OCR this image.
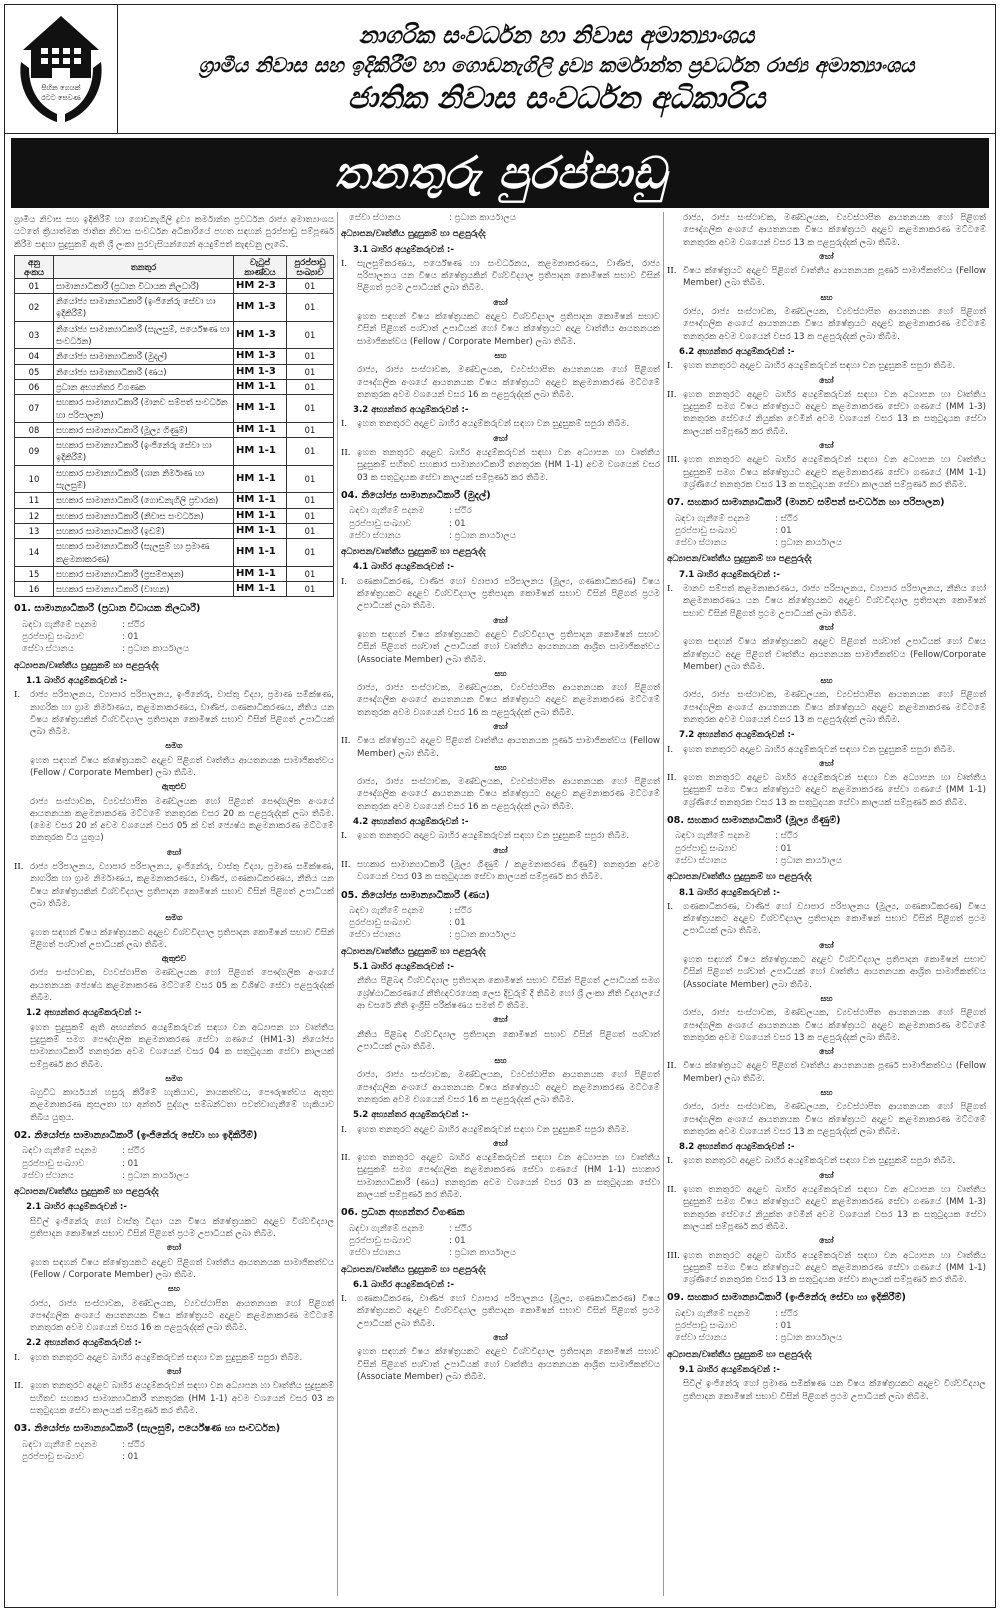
සිහින ගෙයක්
රටට සෙවණ
නාගරික සංවර්ධන හා නිවාස අමාත්‍යාංශය
ග්‍රාමීය නිවාස සහ ඉදිකිරීම් හා ගොඩනැගිලි ද්‍රව්‍ය කර්මාන්ත ප්‍රවර්ධන රාජ්‍ය අමාත්‍යාංශය
ජාතික නිවාස සංවර්ධන අධිකාරිය
තනතුරු පුරප්පාඩු
ග්‍රාමීය නිවාස සහ ඉදිකිරීම් හා ගොඩනැගිලි ද්‍රව්‍ය කර්මාන්ත ප්‍රවර්ධන රාජ්‍ය අමාත්‍යාංශය යටතේ ක්‍රියාත්මක ජාතික නිවාස සංවර්ධන අධිකාරියේ පහත සඳහන් පුරප්පාඩු සම්පූර්ණ කිරීම සඳහා සුදුසුකම් ඇති ශ්‍රී ලංකා පුරවැසියන්ගෙන් අයදුම්පත් කැඳවනු ලැබේ.
අනු අංකය	තනතුර	වැටුප් කාණ්ඩය	පුරප්පාඩු සංඛ්‍යාව
01	සාමාන්‍යාධිකාරී (ප්‍රධාන විධායක නිලධාරී)	HM 2-3	01
02	නියෝජ්‍ය සාමාන්‍යාධිකාරී (ඉංජිනේරු සේවා හා ඉදිකිරීම්)	HM 1-3	01
03	නියෝජ්‍ය සාමාන්‍යාධිකාරී (සැලසුම්, පර්යේෂණ හා සංවර්ධන)	HM 1-3	01
04	නියෝජ්‍ය සාමාන්‍යාධිකාරී (මුදල්)	HM 1-3	01
05	නියෝජ්‍ය සාමාන්‍යාධිකාරී (ණය)	HM 1-3	01
06	ප්‍රධාන අභ්‍යන්තර විගණක	HM 1-1	01
07	සහකාර සාමාන්‍යාධිකාරී (මානව සම්පත් සංවර්ධන හා පරිපාලන)	HM 1-1	01
08	සහකාර සාමාන්‍යාධිකාරී (මූල්‍ය ගිණුම්)	HM 1-1	01
09	සහකාර සාමාන්‍යාධිකාරී (ඉංජිනේරු සේවා හා ඉදිකිරීම්)	HM 1-1	01
10	සහකාර සාමාන්‍යාධිකාරී (ශාන නිර්මාණ හා සැලසුම්)	HM 1-1	01
11	සහකාර සාමාන්‍යාධිකාරී (ගොඩනැගිලි ප්‍රචාරක)	HM 1-1	01
12	සහකාර සාමාන්‍යාධිකාරී (නිවාස සංවර්ධන)	HM 1-1	01
13	සහකාර සාමාන්‍යාධිකාරී (ඉඩම්)	HM 1-1	01
14	සහකාර සාමාන්‍යාධිකාරී (සැලසුම් හා ප්‍රමාණ කළමනාකරණ)	HM 1-1	01
15	සහකාර සාමාන්‍යාධිකාරී (ප්‍රසම්පාදන)	HM 1-1	01
16	සහකාර සාමාන්‍යාධිකාරී (වාහන)	HM 1-1	01
01. සාමාන්‍යාධිකාරී (ප්‍රධාන විධායක නිලධාරී)
බඳවා ගැනීමේ පදනම	: ස්ථිර
පුරප්පාඩු සංඛ්‍යාව	: 01
සේවා ස්ථානය	: ප්‍රධාන කාර්යාලය
අධ්‍යාපන/වෘත්තීය සුදුසුකම් හා පළපුරුද්ද
1.1 බාහිර අයදුම්කරුවන් :-
I.	රාජ්‍ය පරිපාලනය, ව්‍යාපාර පරිපාලනය, ඉංජිනේරු, වාස්තු විද්‍යා, ප්‍රමාණ සමීක්ෂණ, නාගරික හා ග්‍රාම නිර්මාණය, කළමනාකරණය, වාණිජ, ගණකාධිකරණය, නීතිය යන විෂය ක්ෂේත්‍රයකින් විශ්වවිද්‍යාල ප්‍රතිපාදන කොමිෂන් සභාව විසින් පිළිගත් උපාධියක් ලබා තිබීම.
සමග
ඉහත සඳහන් විෂය ක්ෂේත්‍රයකට අදාළව පිළිගත් වෘත්තීය ආයතනයක සාමාජිකත්වය (Fellow / Corporate Member) ලබා තිබීම.
ඇතුළුව
රාජ්‍ය සංස්ථාවක, ව්‍යවස්ථාපිත මණ්ඩලයක හෝ පිළිගත් පෞද්ගලික අංශයේ ආයතනයක කළමනාකරණ මට්ටමේ තනතුරක වසර 20 ක පළපුරුද්දක් ලබා තිබීම. (මෙම වසර 20 න් අවම වශයෙන් වසර 05 ක් වත් ජ්‍යෙෂ්ඨ කළමනාකරණ මට්ටමේ තනතුරක විය යුතුය)
හෝ
II. රාජ්‍ය පරිපාලනය, ව්‍යාපාර පරිපාලනය, ඉංජිනේරු, වාස්තු විද්‍යා, ප්‍රමාණ සමීක්ෂණ, නාගරික හා ග්‍රාම නිර්මාණය, කළමනාකරණය, වාණිජ, ගණකාධිකරණය, නීතිය යන විෂය ක්ෂේත්‍රයකින් විශ්වවිද්‍යාල ප්‍රතිපාදන කොමිෂන් සභාව විසින් පිළිගත් උපාධියක් ලබා තිබීම.
සමග
ඉහත සඳහන් විෂය ක්ෂේත්‍රයකට අදාළව විශ්වවිද්‍යාල ප්‍රතිපාදන කොමිෂන් සභාව විසින් පිළිගත් පශ්චාත් උපාධියක් ලබා තිබීම.
ඇතුළුව
රාජ්‍ය සංස්ථාවක, ව්‍යවස්ථාපිත මණ්ඩලයක හෝ පිළිගත් පෞද්ගලික අංශයේ ආයතනයක ජ්‍යෙෂ්ඨ කළමනාකරණ මට්ටමේ වසර 05 ක විශිෂ්ට සේවා පළපුරුද්දක් තිබීම.
1.2 අභ්‍යන්තර අයදුම්කරුවන් :-
ඉහත සුදුසුකම් ඇති අභ්‍යන්තර අයදුම්කරුවන් සඳහා වන අධ්‍යාපන හා වෘත්තීය සුදුසුකම් සමග පෞද්ගලික කළමනාකරණ සේවා ගණයේ (HM1-3) නියෝජ්‍ය සාමාන්‍යාධිකාරී තනතුරක අවම වශයෙන් වසර 04 ක සතුටුදායක සේවා කාලයක් සම්පූර්ණ කර තිබීම.
සමග
බහුවිධ කාර්යයන් හසුරු කිරීමේ හැකියාව, නායකත්වය, පෞරුෂත්වය ඇතුළු කළමනාකරණ කුසලතා හා අන්තර් පුද්ගල සම්බන්ධතා පවත්වාගැනීමේ හැකියාව තිබිය යුතුය.
02. නියෝජ්‍ය සාමාන්‍යාධිකාරී (ඉංජිනේරු සේවා හා ඉදිකිරීම්)
බඳවා ගැනීමේ පදනම	: ස්ථිර
පුරප්පාඩු සංඛ්‍යාව	: 01
සේවා ස්ථානය	: ප්‍රධාන කාර්යාලය
අධ්‍යාපන/වෘත්තීය සුදුසුකම් හා පළපුරුද්ද
2.1 බාහිර අයදුම්කරුවන් :-
සිවිල් ඉංජිනේරු හෝ වාස්තු විද්‍යා යන විෂය ක්ෂේත්‍රයකට අදාළව විශ්වවිද්‍යාල ප්‍රතිපාදන කොමිෂන් සභාව විසින් පිළිගත් ප්‍රථම උපාධියක් ලබා තිබීම.
හෝ
ඉහත සඳහන් විෂය ක්ෂේත්‍රයකට අදාළව පිළිගත් වෘත්තීය ආයතනයක සාමාජිකත්වය (Fellow / Corporate Member) ලබා තිබීම.
සහ
රාජ්‍ය, රාජ්‍ය සංස්ථාවක, මණ්ඩලයක, ව්‍යවස්ථාපිත ආයතනයක හෝ පිළිගත් පෞද්ගලික අංශයේ ආයතනයක විෂය ක්ෂේත්‍රයට අදාළව කළමනාකරණ මට්ටමේ තනතුරක අවම වශයෙන් වසර 16 ක පළපුරුද්දක් ලබා තිබීම.
2.2 අභ්‍යන්තර අයදුම්කරුවන් :-
I.	ඉහත තනතුරට අදාළව බාහිර අයදුම්කරුවන් සඳහා වන සුදුසුකම් සපුරා තිබීම.
හෝ
II. ඉහත තනතුරට අදාළව බාහිර අයදුම්කරුවන් සඳහා වන අධ්‍යාපන හා වෘත්තීය සුදුසුකම් සහිතව සහකාර සාමාන්‍යාධිකාරී තනතුරක (HM 1-1) අවම වශයෙන් වසර 03 ක සතුටුදායක සේවා කාලයක් සම්පූර්ණ කර තිබීම.
03. නියෝජ්‍ය සාමාන්‍යාධිකාරී (සැලසුම්, පර්යේෂණ හා සංවර්ධන)
බඳවා ගැනීමේ පදනම	: ස්ථිර
පුරප්පාඩු සංඛ්‍යාව	: 01
සේවා ස්ථානය	: ප්‍රධාන කාර්යාලය
අධ්‍යාපන/වෘත්තීය සුදුසුකම් හා පළපුරුද්ද
3.1 බාහිර අයදුම්කරුවන් :-
I.	සැලසුම්කරණය, පර්යේෂණ හා සංවර්ධනය, කළමනාකරණය, වාණිජ, රාජ්‍ය පරිපාලනය යන විෂය ක්ෂේත්‍රයකින් විශ්වවිද්‍යාල ප්‍රතිපාදන කොමිෂන් සභාව විසින් පිළිගත් ප්‍රථම උපාධියක් ලබා තිබීම.
හෝ
ඉහත සඳහන් විෂය ක්ෂේත්‍රයකට අදාළව විශ්වවිද්‍යාල ප්‍රතිපාදන කොමිෂන් සභාව විසින් පිළිගත් පශ්චාත් උපාධියක් හෝ විෂය ක්ෂේත්‍රයට අදාළ වෘත්තීය ආයතනයක සාමාජිකත්වය (Fellow / Corporate Member) ලබා තිබීම.
සහ
රාජ්‍ය, රාජ්‍ය සංස්ථාවක, මණ්ඩලයක, ව්‍යවස්ථාපිත ආයතනයක හෝ පිළිගත් පෞද්ගලික අංශයේ ආයතනයක විෂය ක්ෂේත්‍රයට අදාළව කළමනාකරණ මට්ටමේ තනතුරක අවම වශයෙන් වසර 16 ක පළපුරුද්දක් ලබා තිබීම.
3.2 අභ්‍යන්තර අයදුම්කරුවන් :-
I.	ඉහත තනතුරට අදාළව බාහිර අයදුම්කරුවන් සඳහා වන සුදුසුකම් සපුරා තිබීම.
හෝ
II. ඉහත තනතුරට අදාළව බාහිර අයදුම්කරුවන් සඳහා වන අධ්‍යාපන හා වෘත්තීය සුදුසුකම් සහිතව සහකාර සාමාන්‍යාධිකාරී තනතුරක (HM 1-1) අවම වශයෙන් වසර 03 ක සතුටුදායක සේවා කාලයක් සම්පූර්ණ කර තිබීම.
04. නියෝජ්‍ය සාමාන්‍යාධිකාරී (මුදල්)
බඳවා ගැනීමේ පදනම	: ස්ථිර
පුරප්පාඩු සංඛ්‍යාව	: 01
සේවා ස්ථානය	: ප්‍රධාන කාර්යාලය
අධ්‍යාපන/වෘත්තීය සුදුසුකම් හා පළපුරුද්ද
4.1 බාහිර අයදුම්කරුවන් :-
I.	ගණකාධිකරණ, වාණිජ හෝ ව්‍යාපාර පරිපාලනය (මූල්‍ය, ගණකාධිකරණ) විෂය ක්ෂේත්‍රයකට අදාළව විශ්වවිද්‍යාල ප්‍රතිපාදන කොමිෂන් සභාව විසින් පිළිගත් ප්‍රථම උපාධියක් ලබා තිබීම.
හෝ
ඉහත සඳහන් විෂය ක්ෂේත්‍රයකට අදාළව විශ්වවිද්‍යාල ප්‍රතිපාදන කොමිෂන් සභාව විසින් පිළිගත් පශ්චාත් උපාධියක් හෝ වෘත්තීය ආයතනයක ආශ්‍රිත සාමාජිකත්වය (Associate Member) ලබා තිබීම.
සහ
රාජ්‍ය, රාජ්‍ය සංස්ථාවක, මණ්ඩලයක, ව්‍යවස්ථාපිත ආයතනයක හෝ පිළිගත් පෞද්ගලික අංශයේ ආයතනයක විෂය ක්ෂේත්‍රයට අදාළව කළමනාකරණ මට්ටමේ තනතුරක අවම වශයෙන් වසර 16 ක පළපුරුද්දක් ලබා තිබීම.
හෝ
II. විෂය ක්ෂේත්‍රයට අදාළව පිළිගත් වෘත්තීය ආයතනයක පූර්ණ සාමාජිකත්වය (Fellow Member) ලබා තිබීම.
සහ
රාජ්‍ය, රාජ්‍ය සංස්ථාවක, මණ්ඩලයක, ව්‍යවස්ථාපිත ආයතනයක හෝ පිළිගත් පෞද්ගලික අංශයේ ආයතනයක විෂය ක්ෂේත්‍රයට අදාළව කළමනාකරණ මට්ටමේ තනතුරක අවම වශයෙන් වසර 16 ක පළපුරුද්දක් ලබා තිබීම.
4.2 අභ්‍යන්තර අයදුම්කරුවන් :-
I.	ඉහත තනතුරට අදාළව බාහිර අයදුම්කරුවන් සඳහා වන සුදුසුකම් සපුරා තිබීම.
හෝ
II. සහකාර සාමාන්‍යාධිකාරී (මූල්‍ය ගිණුම් / කළමනාකරණ ගිණුම්) තනතුරක අවම වශයෙන් වසර 03 ක සතුටුදායක සේවා කාලයක් සම්පූර්ණ කර තිබීම.
05. නියෝජ්‍ය සාමාන්‍යාධිකාරී (ණය)
බඳවා ගැනීමේ පදනම	: ස්ථිර
පුරප්පාඩු සංඛ්‍යාව	: 01
සේවා ස්ථානය	: ප්‍රධාන කාර්යාලය
අධ්‍යාපන/වෘත්තීය සුදුසුකම් හා පළපුරුද්ද
5.1 බාහිර අයදුම්කරුවන් :-
නීතිය පිළිබඳ විශ්වවිද්‍යාල ප්‍රතිපාදන කොමිෂන් සභාව විසින් පිළිගත් උපාධියක් සමග ශ්‍රේෂ්ඨාධිකරණයේ නීතිඥවරයෙකු ලෙස දිවුරුම් දී තිබීම හෝ ශ්‍රී ලංකා නීති විද්‍යාලයේ ආ වසරේ නීති ඉංග්‍රීසි පරීක්ෂණය සමත් වී තිබීම.
හෝ
නීතිය පිළිබඳ විශ්වවිද්‍යාල ප්‍රතිපාදන කොමිෂන් සභාව විසින් පිළිගත් පශ්චාත් උපාධියක් ලබා තිබීම.
සහ
රාජ්‍ය, රාජ්‍ය සංස්ථාවක, මණ්ඩලයක, ව්‍යවස්ථාපිත ආයතනයක හෝ පිළිගත් පෞද්ගලික අංශයේ ආයතනයක විෂය ක්ෂේත්‍රයට අදාළව කළමනාකරණ මට්ටමේ තනතුරක අවම වශයෙන් වසර 16 ක පළපුරුද්දක් ලබා තිබීම.
5.2 අභ්‍යන්තර අයදුම්කරුවන් :-
I.	ඉහත තනතුරට අදාළව බාහිර අයදුම්කරුවන් සඳහා වන සුදුසුකම් සපුරා තිබීම.
හෝ
II. ඉහත තනතුරට අදාළව බාහිර අයදුම්කරුවන් සඳහා වන අධ්‍යාපන හා වෘත්තීය සුදුසුකම් සමග පෞද්ගලික කළමනාකරණ සේවා ගණයේ (HM 1-1) සහකාර සාමාන්‍යාධිකාරී (ණය) තනතුරක අවම වශයෙන් වසර 03 ක සතුටුදායක සේවා කාලයක් සම්පූර්ණ කර තිබීම.
06. ප්‍රධාන අභ්‍යන්තර විගණක
බඳවා ගැනීමේ පදනම	: ස්ථිර
පුරප්පාඩු සංඛ්‍යාව	: 01
සේවා ස්ථානය	: ප්‍රධාන කාර්යාලය
අධ්‍යාපන/වෘත්තීය සුදුසුකම් හා පළපුරුද්ද
6.1 බාහිර අයදුම්කරුවන් :-
I.	ගණකාධිකරණ, වාණිජ හෝ ව්‍යාපාර පරිපාලනය (මූල්‍ය, ගණකාධිකරණ) විෂය ක්ෂේත්‍රයකට අදාළව විශ්වවිද්‍යාල ප්‍රතිපාදන කොමිෂන් සභාව විසින් පිළිගත් ප්‍රථම උපාධියක් ලබා තිබීම.
හෝ
ඉහත සඳහන් විෂය ක්ෂේත්‍රයකට අදාළව විශ්වවිද්‍යාල ප්‍රතිපාදන කොමිෂන් සභාව විසින් පිළිගත් පශ්චාත් උපාධියක් හෝ වෘත්තීය ආයතනයක ආශ්‍රිත සාමාජිකත්වය (Associate Member) ලබා තිබීම.
රාජ්‍ය, රාජ්‍ය සංස්ථාවක, මණ්ඩලයක, ව්‍යවස්ථාපිත ආයතනයක හෝ පිළිගත් පෞද්ගලික අංශයේ ආයතනයක විෂය ක්ෂේත්‍රයට අදාළව කළමනාකරණ මට්ටමේ තනතුරක අවම වශයෙන් වසර 13 ක පළපුරුද්දක් ලබා තිබීම.
හෝ
II. විෂය ක්ෂේත්‍රයට අදාළව පිළිගත් වෘත්තීය ආයතනයක පූර්ණ සාමාජිකත්වය (Fellow Member) ලබා තිබීම.
සහ
රාජ්‍ය, රාජ්‍ය සංස්ථාවක, මණ්ඩලයක, ව්‍යවස්ථාපිත ආයතනයක හෝ පිළිගත් පෞද්ගලික අංශයේ ආයතනයක විෂය ක්ෂේත්‍රයට අදාළව කළමනාකරණ මට්ටමේ තනතුරක අවම වශයෙන් වසර 13 ක පළපුරුද්දක් ලබා තිබීම.
6.2 අභ්‍යන්තර අයදුම්කරුවන් :-
I.	ඉහත තනතුරට අදාළව බාහිර අයදුම්කරුවන් සඳහා වන සුදුසුකම් සපුරා තිබීම.
හෝ
II. ඉහත තනතුරට අදාළව බාහිර අයදුම්කරුවන් සඳහා වන අධ්‍යාපන හා වෘත්තීය සුදුසුකම් සමග විෂය ක්ෂේත්‍රයට අදාළව කළමනාකරණ සේවා ගණයේ (MM 1-3) තනතුරක සේවයේ නියුක්ත වෙමින් අවම වශයෙන් වසර 13 ක සතුටුදායක සේවා කාලයක් සම්පූර්ණ කර තිබීම.
හෝ
III. ඉහත තනතුරට අදාළව බාහිර අයදුම්කරුවන් සඳහා වන අධ්‍යාපන හා වෘත්තීය සුදුසුකම් සමග විෂය ක්ෂේත්‍රයට අදාළව කළමනාකරණ සේවා ගණයේ (MM 1-1) ශ්‍රේණියේ තනතුරක වසර 13 ක සතුටුදායක සේවා කාලයක් සම්පූර්ණ කර තිබීම.
07. සහකාර සාමාන්‍යාධිකාරී (මානව සම්පත් සංවර්ධන හා පරිපාලන)
බඳවා ගැනීමේ පදනම	: ස්ථිර
පුරප්පාඩු සංඛ්‍යාව	: 01
සේවා ස්ථානය	: ප්‍රධාන කාර්යාලය
අධ්‍යාපන/වෘත්තීය සුදුසුකම් හා පළපුරුද්ද
7.1 බාහිර අයදුම්කරුවන් :-
I.	මානව සම්පත් කළමනාකරණය, රාජ්‍ය පරිපාලනය, ව්‍යාපාර පරිපාලනය, නීතිය හෝ කළමනාකරණය යන විෂය ක්ෂේත්‍රයකට අදාළව විශ්වවිද්‍යාල ප්‍රතිපාදන කොමිෂන් සභාව විසින් පිළිගත් ප්‍රථම උපාධියක් ලබා තිබීම.
හෝ
ඉහත සඳහන් විෂය ක්ෂේත්‍රයකට අදාළව පිළිගත් පශ්චාත් උපාධියක් හෝ විෂය ක්ෂේත්‍රයට අදාළ පිළිගත් වෘත්තීය ආයතනයක සාමාජිකත්වය (Fellow/Corporate Member) ලබා තිබීම.
සහ
රාජ්‍ය, රාජ්‍ය සංස්ථාවක, මණ්ඩලයක, ව්‍යවස්ථාපිත ආයතනයක හෝ පිළිගත් පෞද්ගලික අංශයේ ආයතනයක විෂය ක්ෂේත්‍රයට අදාළව කළමනාකරණ මට්ටමේ තනතුරක අවම වශයෙන් වසර 13 ක පළපුරුද්දක් ලබා තිබීම.
7.2 අභ්‍යන්තර අයදුම්කරුවන් :-
I.	ඉහත තනතුරට අදාළව බාහිර අයදුම්කරුවන් සඳහා වන සුදුසුකම් සපුරා තිබීම.
හෝ
II. ඉහත තනතුරට අදාළව බාහිර අයදුම්කරුවන් සඳහා වන අධ්‍යාපන හා වෘත්තීය සුදුසුකම් සමග විෂය ක්ෂේත්‍රයට අදාළව කළමනාකරණ සේවා ගණයේ (MM 1-1) ශ්‍රේණියේ තනතුරක වසර 13 ක සතුටුදායක සේවා කාලයක් සම්පූර්ණ කර තිබීම.
08. සහකාර සාමාන්‍යාධිකාරී (මූල්‍ය ගිණුම්)
බඳවා ගැනීමේ පදනම	: ස්ථිර
පුරප්පාඩු සංඛ්‍යාව	: 01
සේවා ස්ථානය	: ප්‍රධාන කාර්යාලය
අධ්‍යාපන/වෘත්තීය සුදුසුකම් හා පළපුරුද්ද
8.1 බාහිර අයදුම්කරුවන් :-
I.	ගණකාධිකරණ, වාණිජ හෝ ව්‍යාපාර පරිපාලනය (මූල්‍ය, ගණකාධිකරණ) විෂය ක්ෂේත්‍රයකට අදාළව විශ්වවිද්‍යාල ප්‍රතිපාදන කොමිෂන් සභාව විසින් පිළිගත් ප්‍රථම උපාධියක් ලබා තිබීම.
හෝ
ඉහත සඳහන් විෂය ක්ෂේත්‍රයකට අදාළව විශ්වවිද්‍යාල ප්‍රතිපාදන කොමිෂන් සභාව විසින් පිළිගත් පශ්චාත් උපාධියක් හෝ වෘත්තීය ආයතනයක ආශ්‍රිත සාමාජිකත්වය (Associate Member) ලබා තිබීම.
සහ
රාජ්‍ය, රාජ්‍ය සංස්ථාවක, මණ්ඩලයක, ව්‍යවස්ථාපිත ආයතනයක හෝ පිළිගත් පෞද්ගලික අංශයේ ආයතනයක විෂය ක්ෂේත්‍රයට අදාළව කළමනාකරණ මට්ටමේ තනතුරක අවම වශයෙන් වසර 13 ක පළපුරුද්දක් ලබා තිබීම.
හෝ
II. විෂය ක්ෂේත්‍රයට අදාළව පිළිගත් වෘත්තීය ආයතනයක පූර්ණ සාමාජිකත්වය (Fellow Member) ලබා තිබීම.
සහ
රාජ්‍ය, රාජ්‍ය සංස්ථාවක, මණ්ඩලයක, ව්‍යවස්ථාපිත ආයතනයක හෝ පිළිගත් පෞද්ගලික අංශයේ ආයතනයක විෂය ක්ෂේත්‍රයට අදාළව කළමනාකරණ මට්ටමේ තනතුරක අවම වශයෙන් වසර 13 ක පළපුරුද්දක් ලබා තිබීම.
8.2 අභ්‍යන්තර අයදුම්කරුවන් :-
I.	ඉහත තනතුරට අදාළව බාහිර අයදුම්කරුවන් සඳහා වන සුදුසුකම් සපුරා තිබීම.
හෝ
II. ඉහත තනතුරට අදාළව බාහිර අයදුම්කරුවන් සඳහා වන අධ්‍යාපන හා වෘත්තීය සුදුසුකම් සමග විෂය ක්ෂේත්‍රයට අදාළව කළමනාකරණ සේවා ගණයේ (MM 1-3) තනතුරක සේවයේ නියුක්ත වෙමින් අවම වශයෙන් වසර 13 ක සතුටුදායක සේවා කාලයක් සම්පූර්ණ කර තිබීම.
හෝ
III. ඉහත තනතුරට අදාළව බාහිර අයදුම්කරුවන් සඳහා වන අධ්‍යාපන හා වෘත්තීය සුදුසුකම් සමග විෂය ක්ෂේත්‍රයට අදාළව කළමනාකරණ සේවා ගණයේ (MM 1-1) ශ්‍රේණියේ තනතුරක වසර 13 ක සතුටුදායක සේවා කාලයක් සම්පූර්ණ කර තිබීම.
09. සහකාර සාමාන්‍යාධිකාරී (ඉංජිනේරු සේවා හා ඉදිකිරීම්)
බඳවා ගැනීමේ පදනම	: ස්ථිර
පුරප්පාඩු සංඛ්‍යාව	: 01
සේවා ස්ථානය	: ප්‍රධාන කාර්යාලය
අධ්‍යාපන/වෘත්තීය සුදුසුකම් හා පළපුරුද්ද
9.1 බාහිර අයදුම්කරුවන් :-
සිවිල් ඉංජිනේරු හෝ ප්‍රමාණ සමීක්ෂණ යන විෂය ක්ෂේත්‍රයකට අදාළව විශ්වවිද්‍යාල ප්‍රතිපාදන කොමිෂන් සභාව විසින් පිළිගත් ප්‍රථම උපාධියක් ලබා තිබීම.
